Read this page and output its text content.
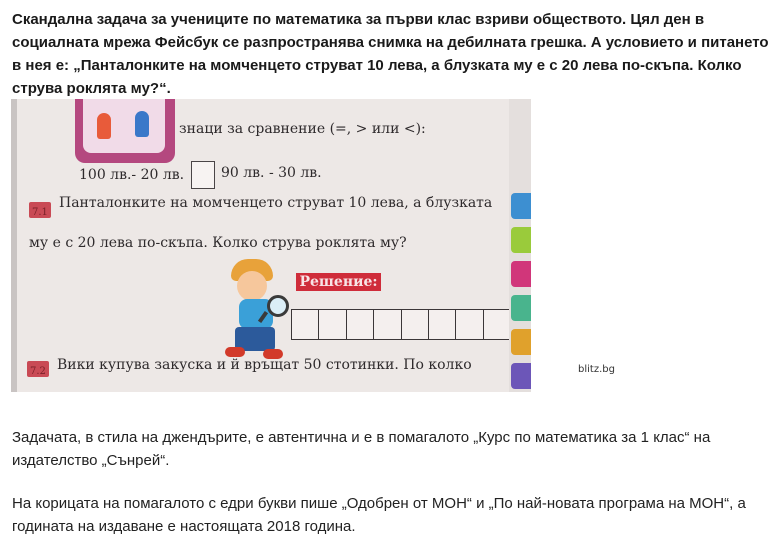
Скандална задача за учениците по математика за първи клас взриви обществото. Цял ден в социалната мрежа Фейсбук се разпространява снимка на дебилната грешка. А условието и питането в нея е: „Панталонките на момченцето струват 10 лева, а блузката му е с 20 лева по-скъпа. Колко струва роклята му?“.

знаци за сравнение (=, > или <):
100 лв.- 20 лв.	90 лв. - 30 лв.
7.1
Панталонките на момченцето струват 10 лева, а блузката
му е с 20 лева по-скъпа. Колко струва роклята му?
Решение:
7.2 Вики купува закуска и й връщат 50 стотинки. По колко	blitz.bg

Задачата, в стила на джендърите, е автентична и е в помагалото „Курс по математика за 1 клас“ на издателство „Сънрей“.

На корицата на помагалото с едри букви пише „Одобрен от МОН“ и „По най-новата програма на МОН“, а годината на издаване е настоящата 2018 година.
